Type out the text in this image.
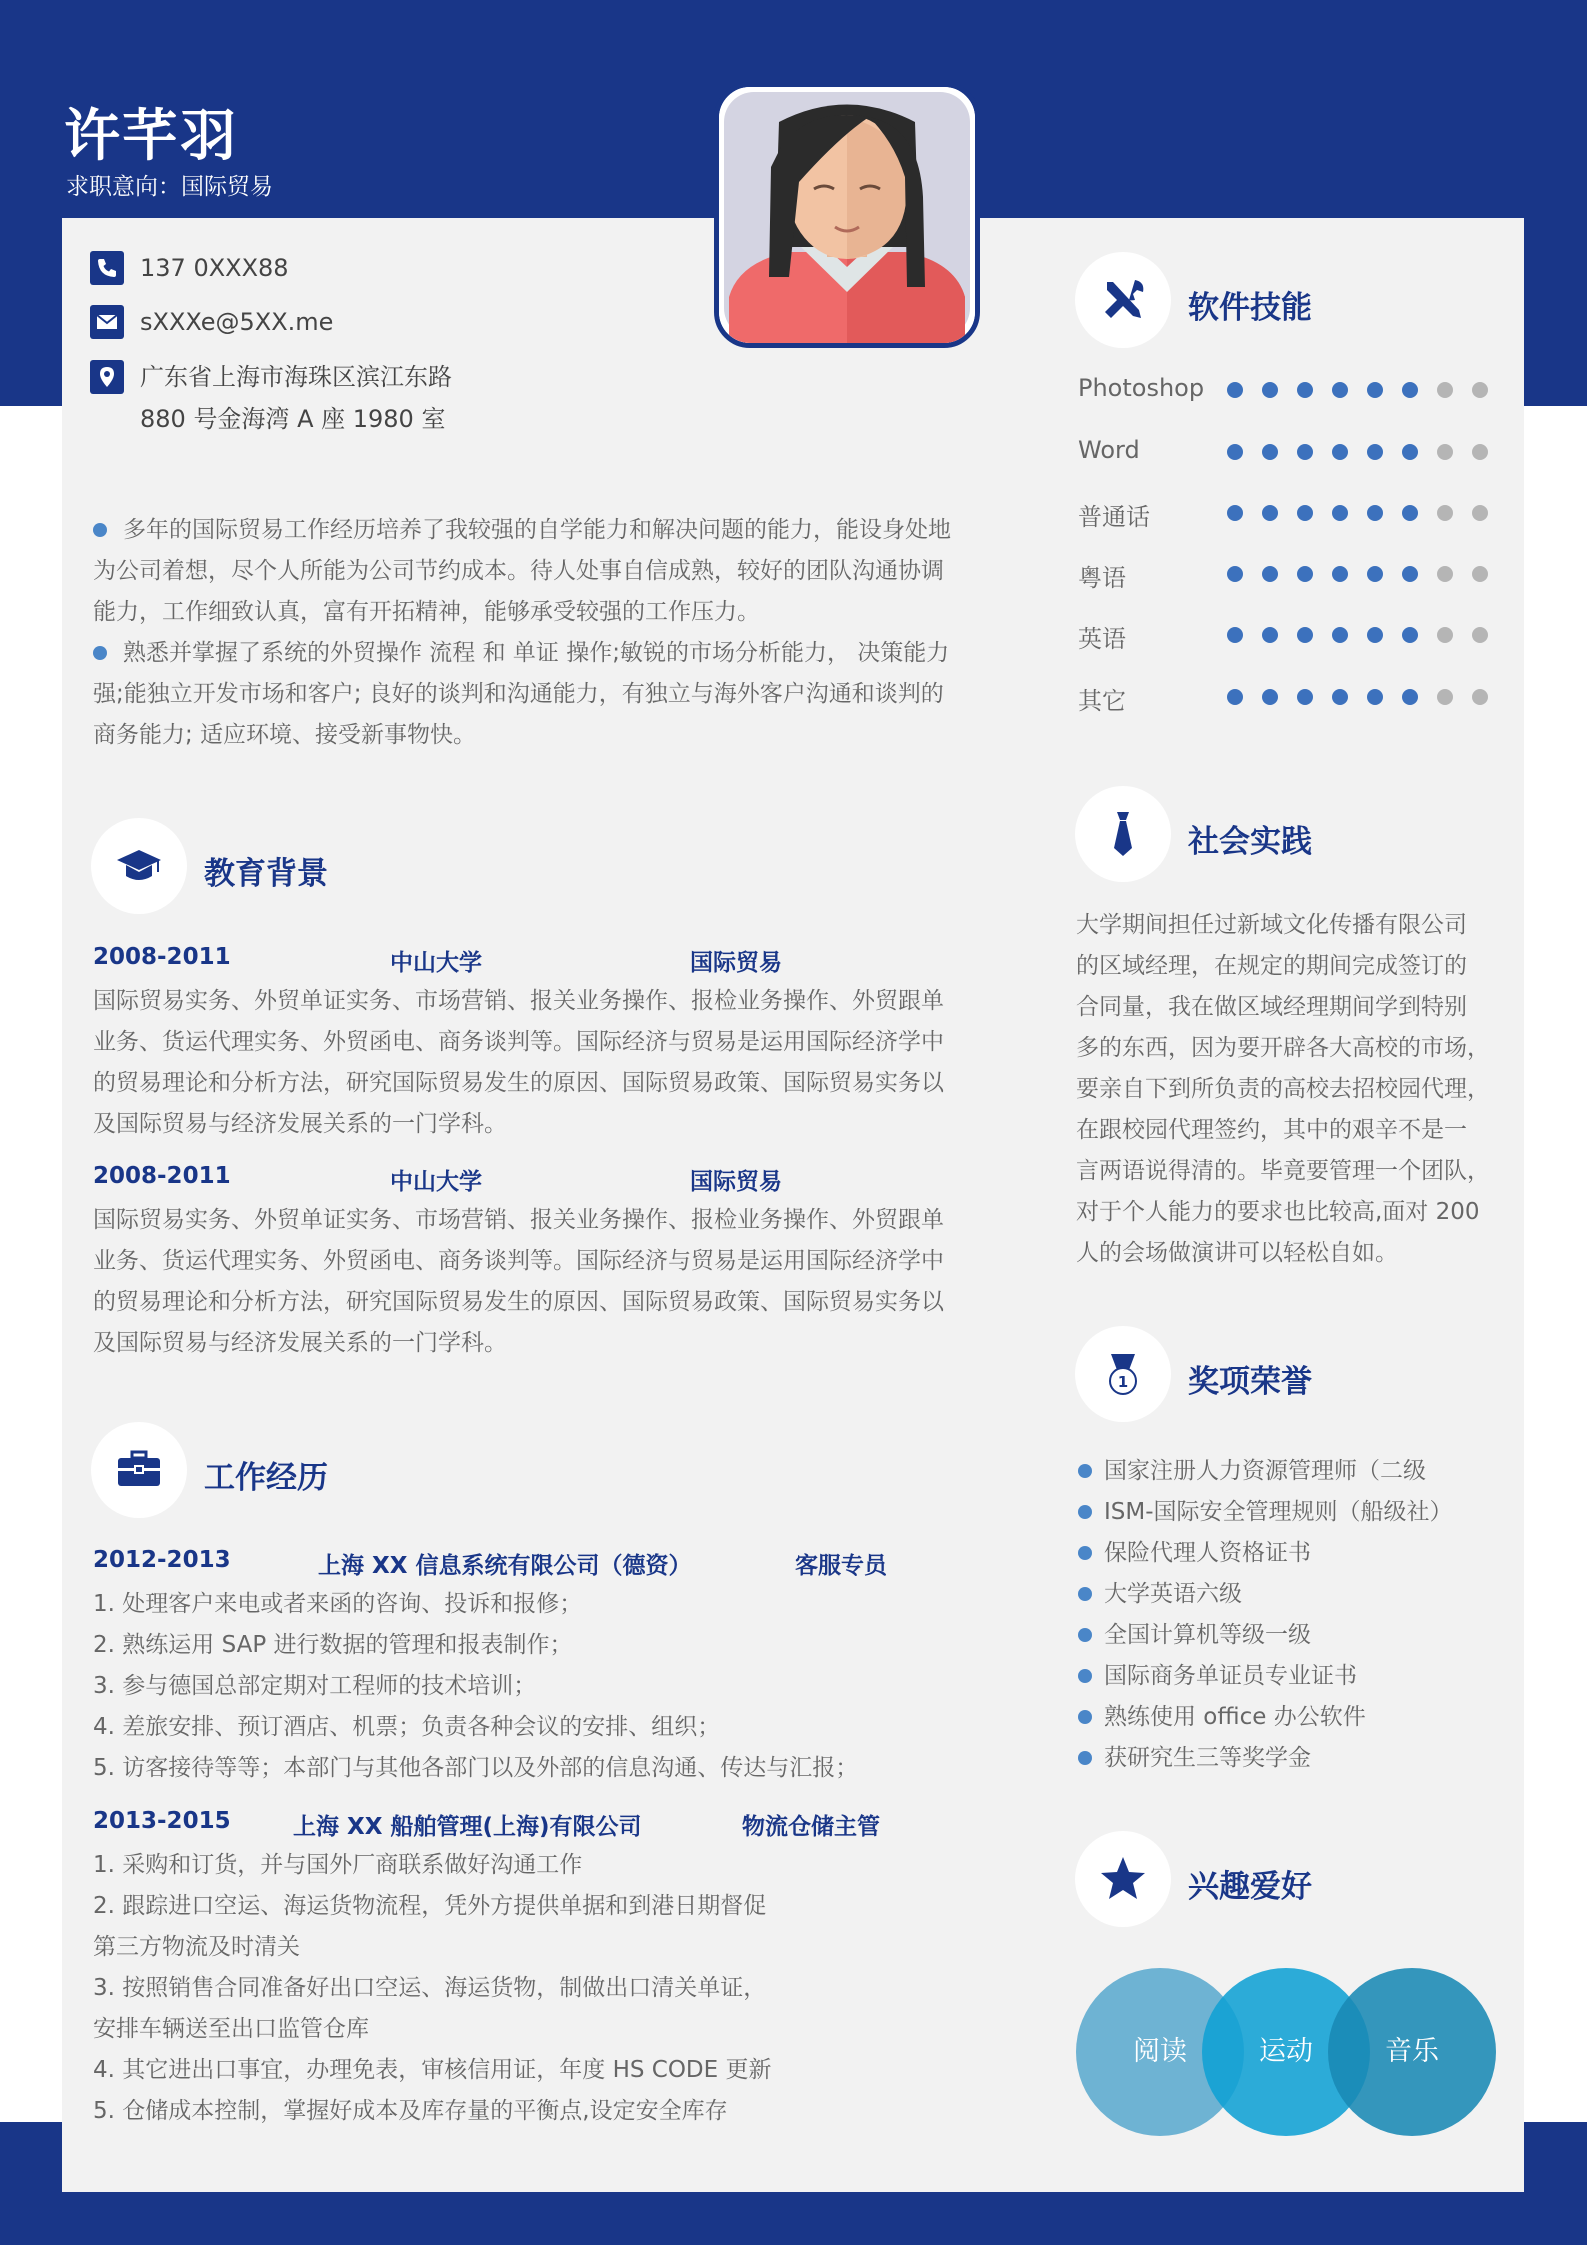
许芊羽
求职意向：国际贸易
137 0XXX88
sXXXe@5XX.me
广东省上海市海珠区滨江东路
880 号金海湾 A 座 1980 室
多年的国际贸易工作经历培养了我较强的自学能力和解决问题的能力，能设身处地
为公司着想，尽个人所能为公司节约成本。待人处事自信成熟，较好的团队沟通协调
能力，工作细致认真，富有开拓精神，能够承受较强的工作压力。
熟悉并掌握了系统的外贸操作 流程 和 单证 操作;敏锐的市场分析能力， 决策能力
强;能独立开发市场和客户; 良好的谈判和沟通能力，有独立与海外客户沟通和谈判的
商务能力; 适应环境、接受新事物快。
教育背景
2008-2011	中山大学	国际贸易
国际贸易实务、外贸单证实务、市场营销、报关业务操作、报检业务操作、外贸跟单
业务、货运代理实务、外贸函电、商务谈判等。国际经济与贸易是运用国际经济学中
的贸易理论和分析方法，研究国际贸易发生的原因、国际贸易政策、国际贸易实务以
及国际贸易与经济发展关系的一门学科。
2008-2011	中山大学	国际贸易
国际贸易实务、外贸单证实务、市场营销、报关业务操作、报检业务操作、外贸跟单
业务、货运代理实务、外贸函电、商务谈判等。国际经济与贸易是运用国际经济学中
的贸易理论和分析方法，研究国际贸易发生的原因、国际贸易政策、国际贸易实务以
及国际贸易与经济发展关系的一门学科。
工作经历
2012-2013	上海 XX 信息系统有限公司（德资）	客服专员
1. 处理客户来电或者来函的咨询、投诉和报修；
2. 熟练运用 SAP 进行数据的管理和报表制作；
3. 参与德国总部定期对工程师的技术培训；
4. 差旅安排、预订酒店、机票；负责各种会议的安排、组织；
5. 访客接待等等；本部门与其他各部门以及外部的信息沟通、传达与汇报；
2013-2015	上海 XX 船舶管理(上海)有限公司	物流仓储主管
1. 采购和订货，并与国外厂商联系做好沟通工作
2. 跟踪进口空运、海运货物流程，凭外方提供单据和到港日期督促
第三方物流及时清关
3. 按照销售合同准备好出口空运、海运货物，制做出口清关单证，
安排车辆送至出口监管仓库
4. 其它进出口事宜，办理免表，审核信用证，年度 HS CODE 更新
5. 仓储成本控制，掌握好成本及库存量的平衡点,设定安全库存
软件技能
Photoshop
Word
普通话
粤语
英语
其它
社会实践
大学期间担任过新域文化传播有限公司
的区域经理，在规定的期间完成签订的
合同量，我在做区域经理期间学到特别
多的东西，因为要开辟各大高校的市场，
要亲自下到所负责的高校去招校园代理，
在跟校园代理签约，其中的艰辛不是一
言两语说得清的。毕竟要管理一个团队，
对于个人能力的要求也比较高,面对 200
人的会场做演讲可以轻松自如。
1 奖项荣誉
国家注册人力资源管理师（二级
ISM-国际安全管理规则（船级社）
保险代理人资格证书
大学英语六级
全国计算机等级一级
国际商务单证员专业证书
熟练使用 office 办公软件
获研究生三等奖学金
兴趣爱好
阅读	运动	音乐
